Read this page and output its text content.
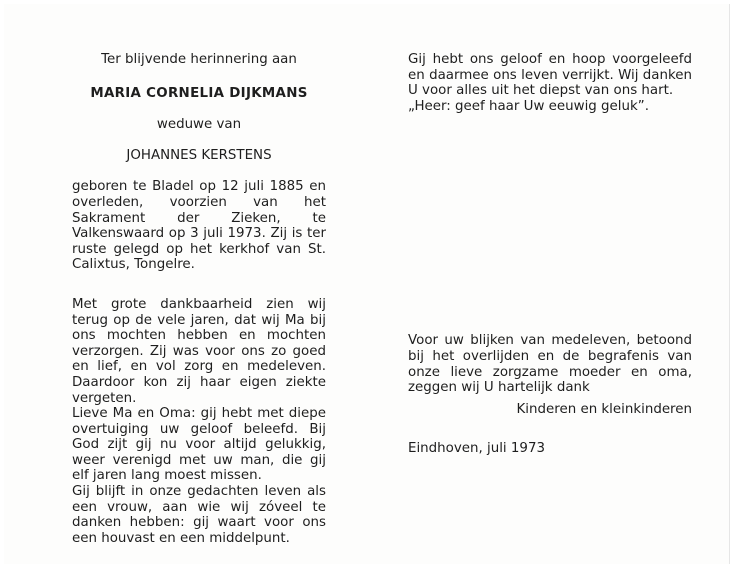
Ter blijvende herinnering aan
MARIA CORNELIA DIJKMANS
weduwe van
JOHANNES KERSTENS

geboren te Bladel op 12 juli 1885 en overleden, voorzien van het Sakrament der Zieken, te Valkenswaard op 3 juli 1973. Zij is ter ruste gelegd op het kerkhof van St. Calixtus, Tongelre.

Met grote dankbaarheid zien wij terug op de vele jaren, dat wij Ma bij ons mochten hebben en mochten verzorgen. Zij was voor ons zo goed en lief, en vol zorg en medeleven. Daardoor kon zij haar eigen ziekte vergeten.

Lieve Ma en Oma: gij hebt met diepe overtuiging uw geloof beleefd. Bij God zijt gij nu voor altijd gelukkig, weer verenigd met uw man, die gij elf jaren lang moest missen.

Gij blijft in onze gedachten leven als een vrouw, aan wie wij zóveel te danken hebben: gij waart voor ons een houvast en een middelpunt.

Gij hebt ons geloof en hoop voorgeleefd en daarmee ons leven verrijkt. Wij danken U voor alles uit het diepst van ons hart.

„Heer: geef haar Uw eeuwig geluk”.

Voor uw blijken van medeleven, betoond bij het overlijden en de begrafenis van onze lieve zorgzame moeder en oma, zeggen wij U hartelijk dank

Kinderen en kleinkinderen

Eindhoven, juli 1973
